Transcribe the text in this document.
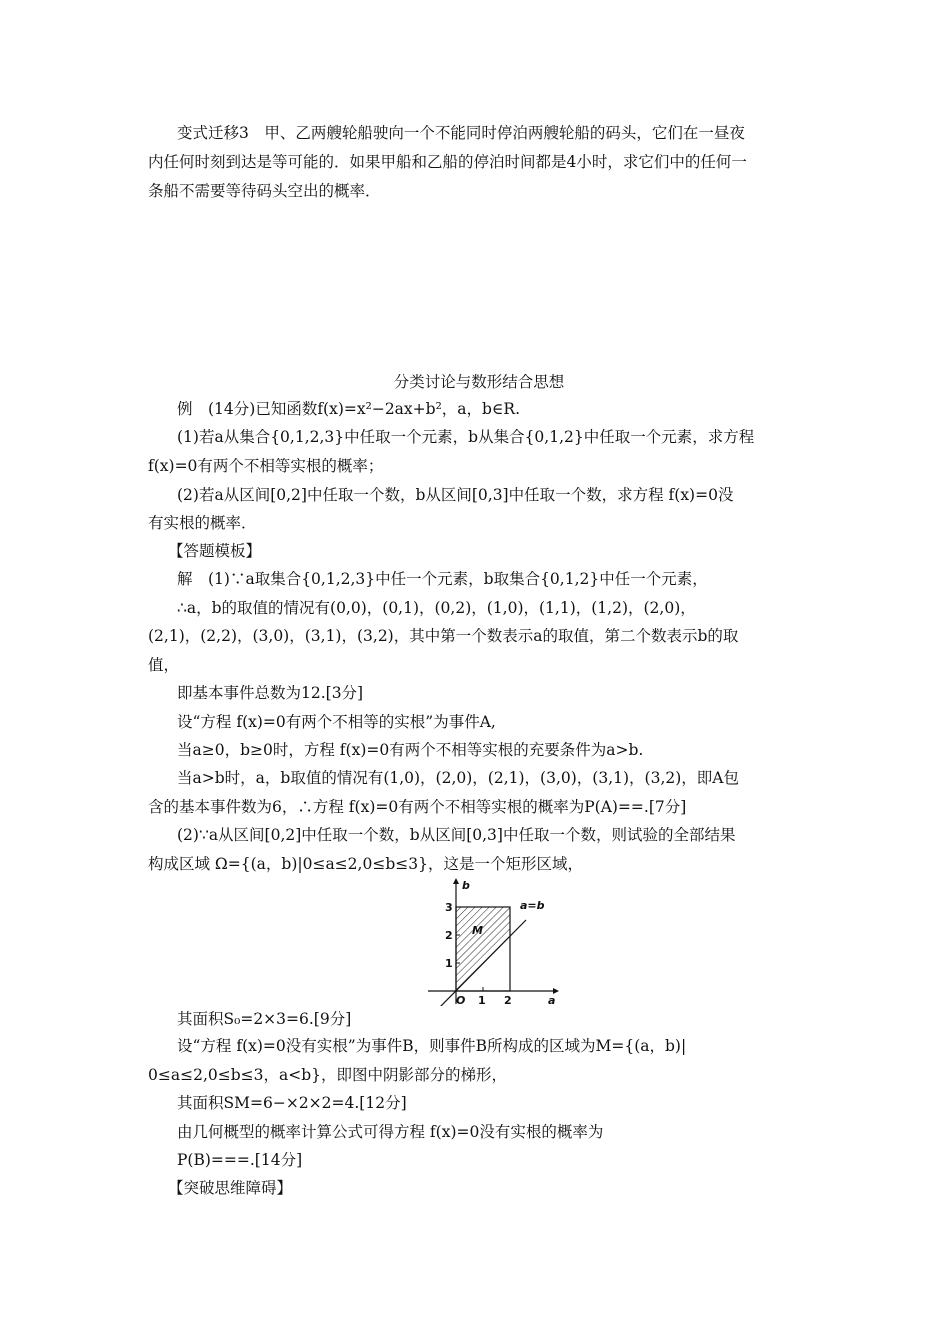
变式迁移3　甲、乙两艘轮船驶向一个不能同时停泊两艘轮船的码头，它们在一昼夜
内任何时刻到达是等可能的．如果甲船和乙船的停泊时间都是4小时，求它们中的任何一
条船不需要等待码头空出的概率．
分类讨论与数形结合思想
例　(14分)已知函数f(x)=x²−2ax+b²，a，b∈R.
(1)若a从集合{0,1,2,3}中任取一个元素，b从集合{0,1,2}中任取一个元素，求方程
f(x)=0有两个不相等实根的概率；
(2)若a从区间[0,2]中任取一个数，b从区间[0,3]中任取一个数，求方程 f(x)=0没
有实根的概率．
【答题模板】
解　(1)∵a取集合{0,1,2,3}中任一个元素，b取集合{0,1,2}中任一个元素，
∴a，b的取值的情况有(0,0)，(0,1)，(0,2)，(1,0)，(1,1)，(1,2)，(2,0)，
(2,1)，(2,2)，(3,0)，(3,1)，(3,2)，其中第一个数表示a的取值，第二个数表示b的取
值，
即基本事件总数为12.[3分]
设“方程 f(x)=0有两个不相等的实根”为事件A,
当a≥0，b≥0时，方程 f(x)=0有两个不相等实根的充要条件为a>b.
当a>b时，a，b取值的情况有(1,0)，(2,0)，(2,1)，(3,0)，(3,1)，(3,2)，即A包
含的基本事件数为6，∴方程 f(x)=0有两个不相等实根的概率为P(A)==.[7分]
(2)∵a从区间[0,2]中任取一个数，b从区间[0,3]中任取一个数，则试验的全部结果
构成区域 Ω={(a，b)|0≤a≤2,0≤b≤3}，这是一个矩形区域，
b
a
O 1 2
1
2
3	a=b
M
其面积S₀=2×3=6.[9分]
设“方程 f(x)=0没有实根”为事件B，则事件B所构成的区域为M={(a，b)|
0≤a≤2,0≤b≤3，a<b}，即图中阴影部分的梯形，
其面积SM=6−×2×2=4.[12分]
由几何概型的概率计算公式可得方程 f(x)=0没有实根的概率为
P(B)===.[14分]
【突破思维障碍】
